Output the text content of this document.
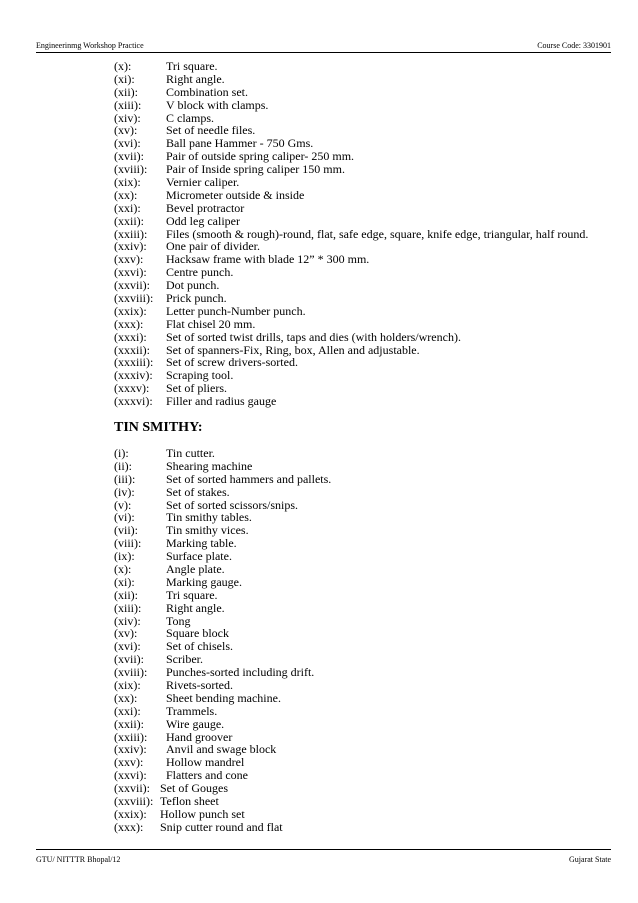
Engineerinmg Workshop Practice	Course Code: 3301901
(x):	Tri square.
(xi):	Right angle.
(xii):	Combination set.
(xiii):	V block with clamps.
(xiv):	C clamps.
(xv):	Set of needle files.
(xvi):	Ball pane Hammer - 750 Gms.
(xvii):	Pair of outside spring caliper- 250 mm.
(xviii):	Pair of Inside spring caliper 150 mm.
(xix):	Vernier caliper.
(xx):	Micrometer outside & inside
(xxi):	Bevel protractor
(xxii):	Odd leg caliper
(xxiii):	Files (smooth & rough)-round, flat, safe edge, square, knife edge, triangular, half round.
(xxiv):	One pair of divider.
(xxv):	Hacksaw frame with blade 12” * 300 mm.
(xxvi):	Centre punch.
(xxvii):	Dot punch.
(xxviii):	Prick punch.
(xxix):	Letter punch-Number punch.
(xxx):	Flat chisel 20 mm.
(xxxi):	Set of sorted twist drills, taps and dies (with holders/wrench).
(xxxii):	Set of spanners-Fix, Ring, box, Allen and adjustable.
(xxxiii):	Set of screw drivers-sorted.
(xxxiv):	Scraping tool.
(xxxv):	Set of pliers.
(xxxvi):	Filler and radius gauge
TIN SMITHY:
(i):	Tin cutter.
(ii):	Shearing machine
(iii):	Set of sorted hammers and pallets.
(iv):	Set of stakes.
(v):	Set of sorted scissors/snips.
(vi):	Tin smithy tables.
(vii):	Tin smithy vices.
(viii):	Marking table.
(ix):	Surface plate.
(x):	Angle plate.
(xi):	Marking gauge.
(xii):	Tri square.
(xiii):	Right angle.
(xiv):	Tong
(xv):	Square block
(xvi):	Set of chisels.
(xvii):	Scriber.
(xviii):	Punches-sorted including drift.
(xix):	Rivets-sorted.
(xx):	Sheet bending machine.
(xxi):	Trammels.
(xxii):	Wire gauge.
(xxiii):	Hand groover
(xxiv):	Anvil and swage block
(xxv):	Hollow mandrel
(xxvi):	Flatters and cone
(xxvii): Set of Gouges
(xxviii): Teflon sheet
(xxix):	Hollow punch set
(xxx):	Snip cutter round and flat
GTU/ NITTTR Bhopal/12	Gujarat State
